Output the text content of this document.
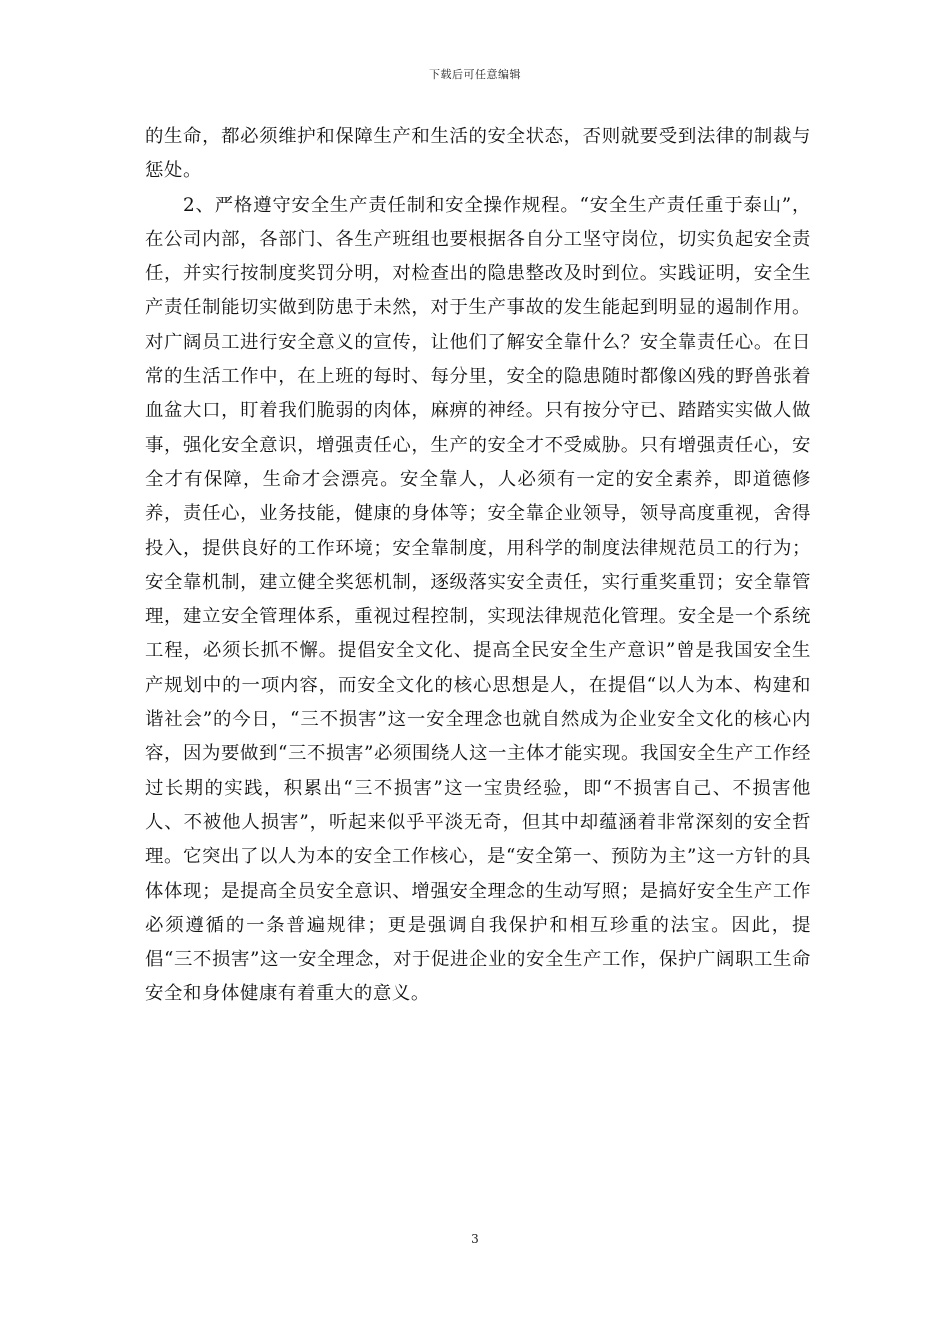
下载后可任意编辑

的生命，都必须维护和保障生产和生活的安全状态，否则就要受到法律的制裁与惩处。

2、严格遵守安全生产责任制和安全操作规程。“安全生产责任重于泰山”，在公司内部，各部门、各生产班组也要根据各自分工坚守岗位，切实负起安全责任，并实行按制度奖罚分明，对检查出的隐患整改及时到位。实践证明，安全生产责任制能切实做到防患于未然，对于生产事故的发生能起到明显的遏制作用。对广阔员工进行安全意义的宣传，让他们了解安全靠什么？安全靠责任心。在日常的生活工作中，在上班的每时、每分里，安全的隐患随时都像凶残的野兽张着血盆大口，盯着我们脆弱的肉体，麻痹的神经。只有按分守已、踏踏实实做人做事，强化安全意识，增强责任心，生产的安全才不受威胁。只有增强责任心，安全才有保障，生命才会漂亮。安全靠人，人必须有一定的安全素养，即道德修养，责任心，业务技能，健康的身体等；安全靠企业领导，领导高度重视，舍得投入，提供良好的工作环境；安全靠制度，用科学的制度法律规范员工的行为；安全靠机制，建立健全奖惩机制，逐级落实安全责任，实行重奖重罚；安全靠管理，建立安全管理体系，重视过程控制，实现法律规范化管理。安全是一个系统工程，必须长抓不懈。提倡安全文化、提高全民安全生产意识”曾是我国安全生产规划中的一项内容，而安全文化的核心思想是人，在提倡“以人为本、构建和谐社会”的今日，“三不损害”这一安全理念也就自然成为企业安全文化的核心内容，因为要做到“三不损害”必须围绕人这一主体才能实现。我国安全生产工作经过长期的实践，积累出“三不损害”这一宝贵经验，即“不损害自己、不损害他人、不被他人损害”，听起来似乎平淡无奇，但其中却蕴涵着非常深刻的安全哲理。它突出了以人为本的安全工作核心，是“安全第一、预防为主”这一方针的具体体现；是提高全员安全意识、增强安全理念的生动写照；是搞好安全生产工作必须遵循的一条普遍规律；更是强调自我保护和相互珍重的法宝。因此，提倡“三不损害”这一安全理念，对于促进企业的安全生产工作，保护广阔职工生命安全和身体健康有着重大的意义。

3
